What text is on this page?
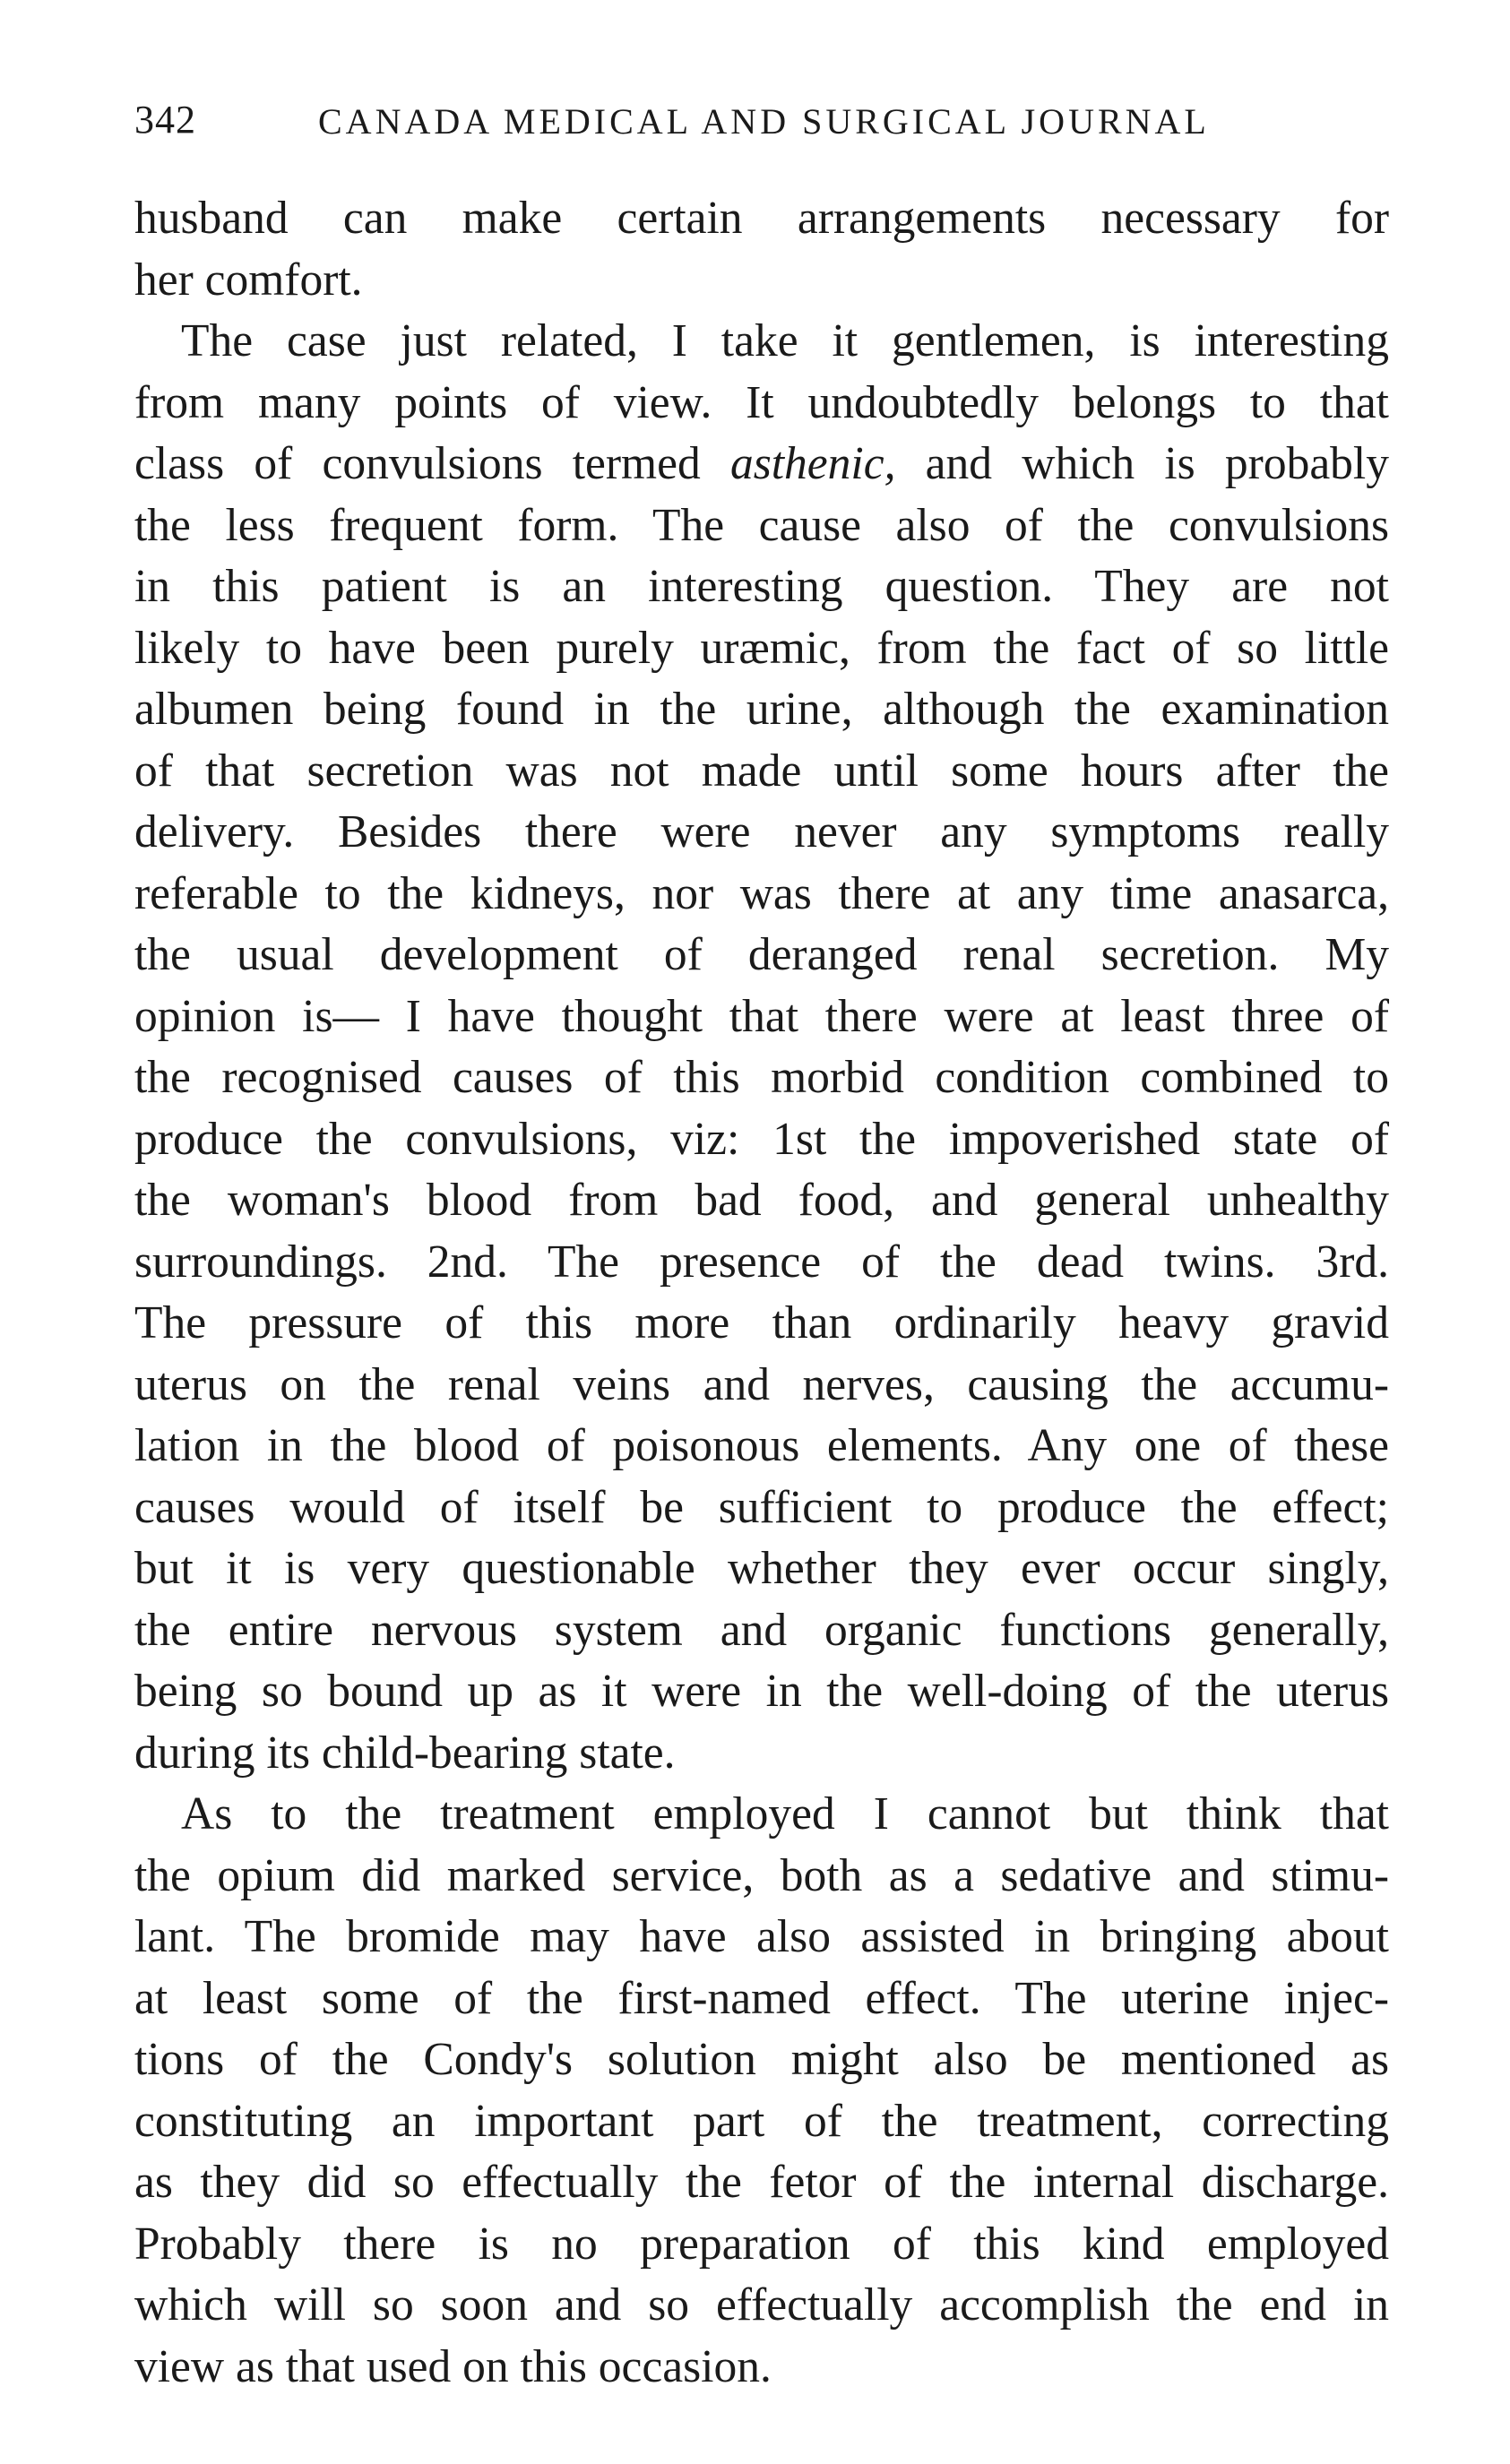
342	CANADA MEDICAL AND SURGICAL JOURNAL

husband can make certain arrangements necessary for
her comfort.

The case just related, I take it gentlemen, is interesting
from many points of view. It undoubtedly belongs to that
class of convulsions termed asthenic, and which is probably
the less frequent form. The cause also of the convulsions
in this patient is an interesting question. They are not
likely to have been purely uræmic, from the fact of so little
albumen being found in the urine, although the examination
of that secretion was not made until some hours after the
delivery. Besides there were never any symptoms really
referable to the kidneys, nor was there at any time anasarca,
the usual development of deranged renal secretion. My
opinion is— I have thought that there were at least three of
the recognised causes of this morbid condition combined to
produce the convulsions, viz: 1st the impoverished state of
the woman's blood from bad food, and general unhealthy
surroundings. 2nd. The presence of the dead twins. 3rd.
The pressure of this more than ordinarily heavy gravid
uterus on the renal veins and nerves, causing the accumu-
lation in the blood of poisonous elements. Any one of these
causes would of itself be sufficient to produce the effect;
but it is very questionable whether they ever occur singly,
the entire nervous system and organic functions generally,
being so bound up as it were in the well-doing of the uterus
during its child-bearing state.

As to the treatment employed I cannot but think that
the opium did marked service, both as a sedative and stimu-
lant. The bromide may have also assisted in bringing about
at least some of the first-named effect. The uterine injec-
tions of the Condy's solution might also be mentioned as
constituting an important part of the treatment, correcting
as they did so effectually the fetor of the internal discharge.
Probably there is no preparation of this kind employed
which will so soon and so effectually accomplish the end in
view as that used on this occasion.
